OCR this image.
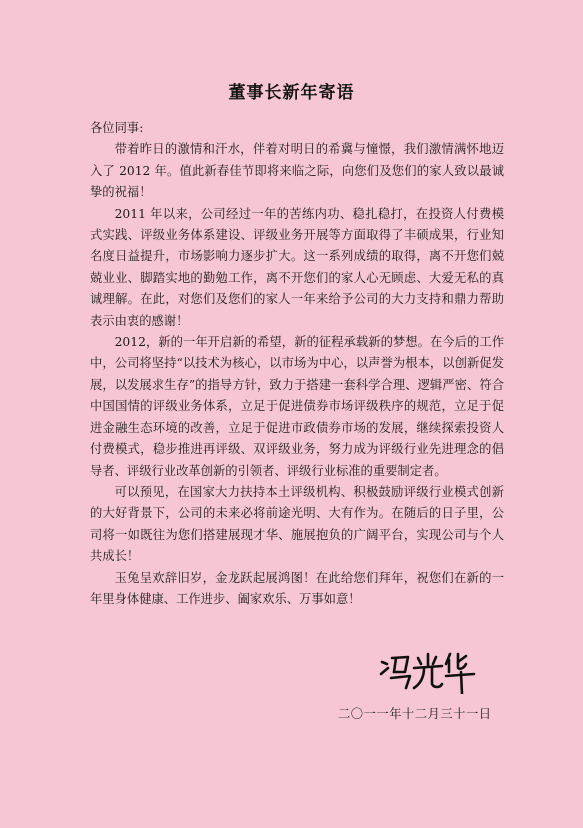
董事长新年寄语

各位同事:

带着昨日的激情和汗水，伴着对明日的希冀与憧憬，我们激情满怀地迈入了 2012 年。值此新春佳节即将来临之际，向您们及您们的家人致以最诚挚的祝福！

2011 年以来，公司经过一年的苦练内功、稳扎稳打，在投资人付费模式实践、评级业务体系建设、评级业务开展等方面取得了丰硕成果，行业知名度日益提升，市场影响力逐步扩大。这一系列成绩的取得，离不开您们兢兢业业、脚踏实地的勤勉工作，离不开您们的家人心无顾虑、大爱无私的真诚理解。在此，对您们及您们的家人一年来给予公司的大力支持和鼎力帮助表示由衷的感谢！

2012，新的一年开启新的希望，新的征程承载新的梦想。在今后的工作中，公司将坚持“以技术为核心，以市场为中心，以声誉为根本，以创新促发展，以发展求生存”的指导方针，致力于搭建一套科学合理、逻辑严密、符合中国国情的评级业务体系，立足于促进债券市场评级秩序的规范，立足于促进金融生态环境的改善，立足于促进市政债券市场的发展，继续探索投资人付费模式，稳步推进再评级、双评级业务，努力成为评级行业先进理念的倡导者、评级行业改革创新的引领者、评级行业标准的重要制定者。

可以预见，在国家大力扶持本土评级机构、积极鼓励评级行业模式创新的大好背景下，公司的未来必将前途光明、大有作为。在随后的日子里，公司将一如既往为您们搭建展现才华、施展抱负的广阔平台，实现公司与个人共成长！

玉兔呈欢辞旧岁，金龙跃起展鸿图！在此给您们拜年，祝您们在新的一年里身体健康、工作进步、阖家欢乐、万事如意！

二〇一一年十二月三十一日
